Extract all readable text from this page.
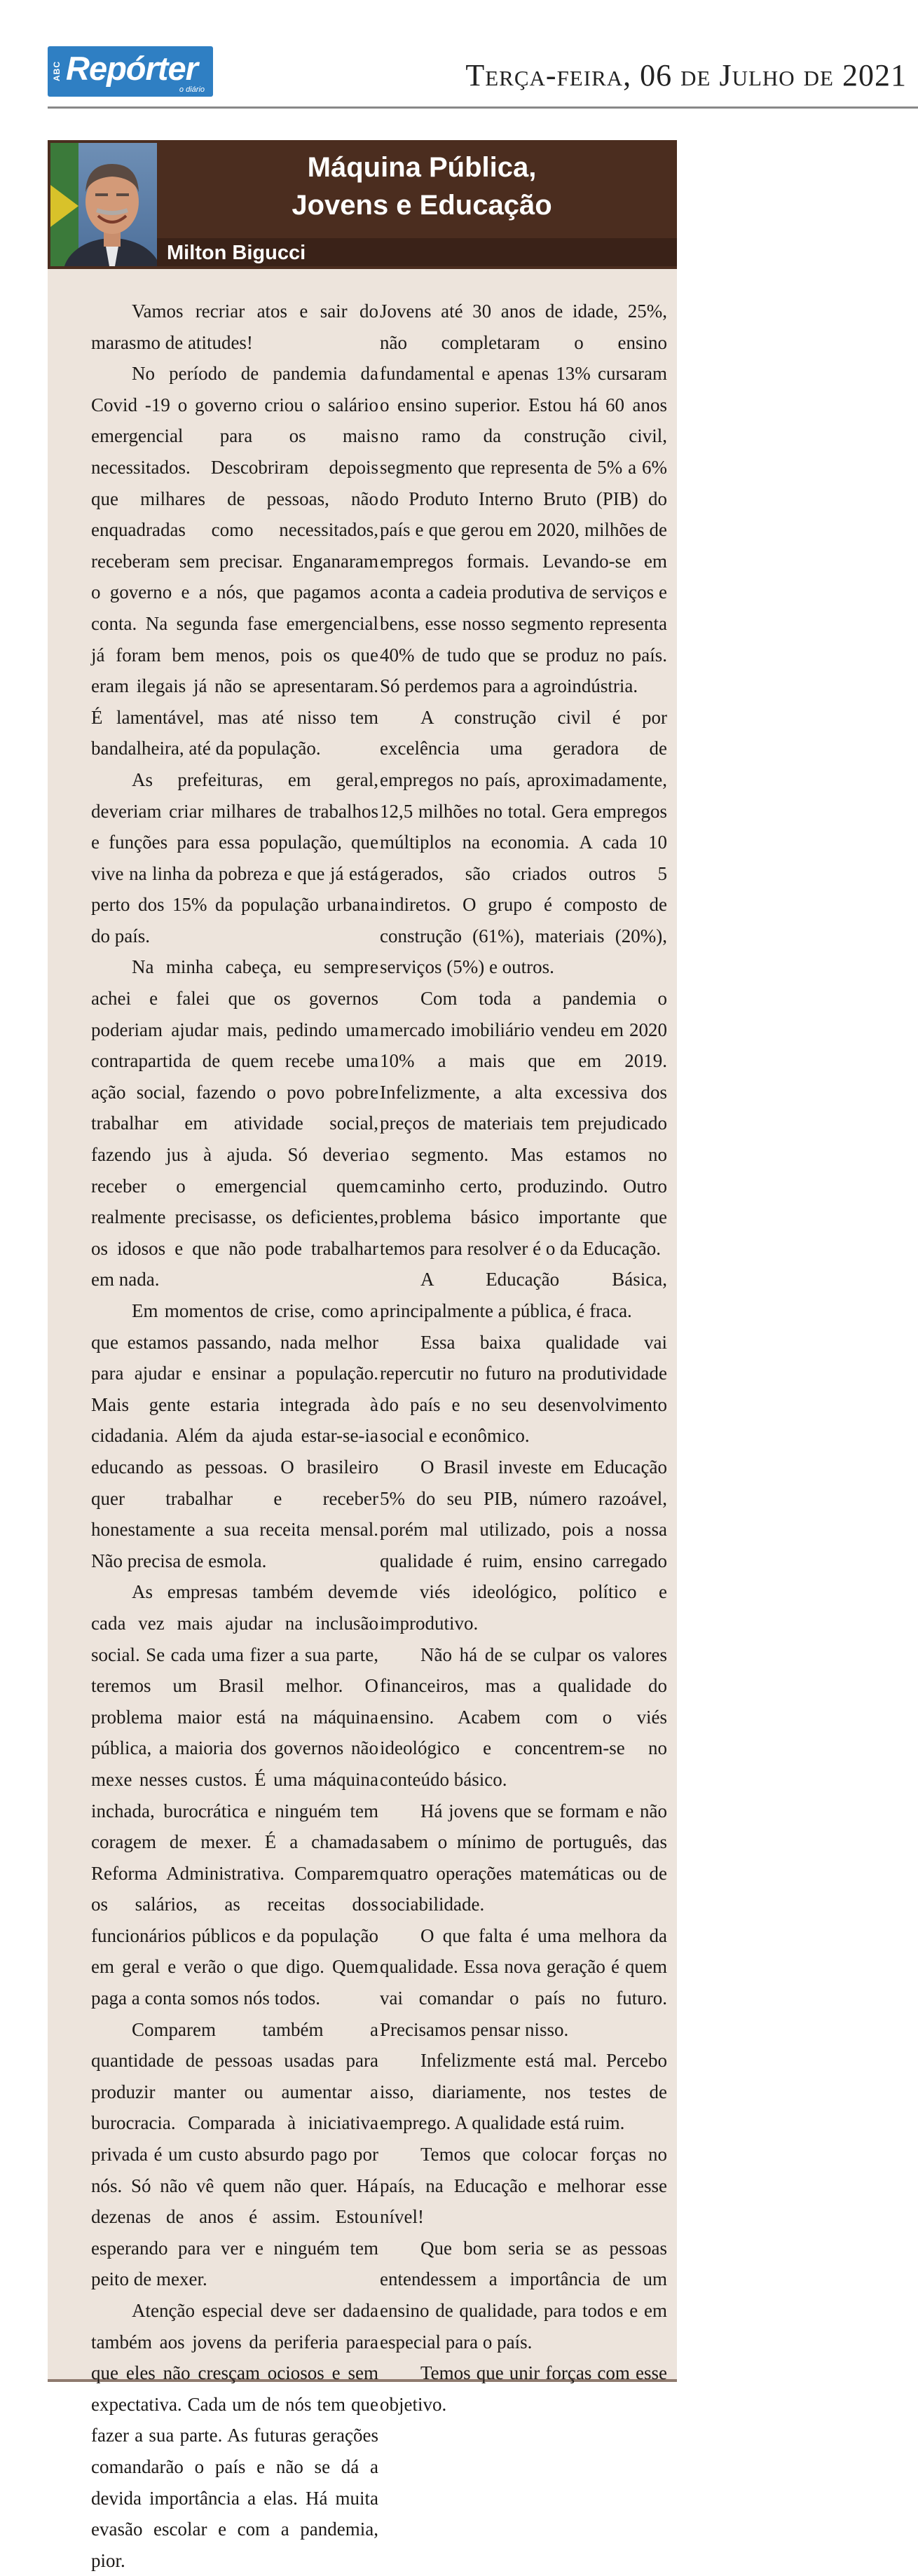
ABC Repórter
o diário	Terça-feira, 06 de Julho de 2021
Máquina Pública,
Jovens e Educação
Milton Bigucci

Vamos recriar atos e sair do marasmo de atitudes!

No período de pandemia da Covid -19 o governo criou o salário emergencial para os mais necessitados. Descobriram depois que milhares de pessoas, não enquadradas como necessitados, receberam sem precisar. Enganaram o governo e a nós, que pagamos a conta. Na segunda fase emergencial já foram bem menos, pois os que eram ilegais já não se apresentaram. É lamentável, mas até nisso tem bandalheira, até da população.

As prefeituras, em geral, deveriam criar milhares de trabalhos e funções para essa população, que vive na linha da pobreza e que já está perto dos 15% da população urbana do país.

Na minha cabeça, eu sempre achei e falei que os governos poderiam ajudar mais, pedindo uma contrapartida de quem recebe uma ação social, fazendo o povo pobre trabalhar em atividade social, fazendo jus à ajuda. Só deveria receber o emergencial quem realmente precisasse, os deficientes, os idosos e que não pode trabalhar em nada.

Em momentos de crise, como a que estamos passando, nada melhor para ajudar e ensinar a população. Mais gente estaria integrada à cidadania. Além da ajuda estar-se-ia educando as pessoas. O brasileiro quer trabalhar e receber honestamente a sua receita mensal. Não precisa de esmola.

As empresas também devem cada vez mais ajudar na inclusão social. Se cada uma fizer a sua parte, teremos um Brasil melhor. O problema maior está na máquina pública, a maioria dos governos não mexe nesses custos. É uma máquina inchada, burocrática e ninguém tem coragem de mexer. É a chamada Reforma Administrativa. Comparem os salários, as receitas dos funcionários públicos e da população em geral e verão o que digo. Quem paga a conta somos nós todos.

Comparem também a quantidade de pessoas usadas para produzir manter ou aumentar a burocracia. Comparada à iniciativa privada é um custo absurdo pago por nós. Só não vê quem não quer. Há dezenas de anos é assim. Estou esperando para ver e ninguém tem peito de mexer.

Atenção especial deve ser dada também aos jovens da periferia para que eles não cresçam ociosos e sem expectativa. Cada um de nós tem que fazer a sua parte. As futuras gerações comandarão o país e não se dá a devida importância a elas. Há muita evasão escolar e com a pandemia, pior.

Jovens até 30 anos de idade, 25%, não completaram o ensino fundamental e apenas 13% cursaram o ensino superior. Estou há 60 anos no ramo da construção civil, segmento que representa de 5% a 6% do Produto Interno Bruto (PIB) do país e que gerou em 2020, milhões de empregos formais. Levando-se em conta a cadeia produtiva de serviços e bens, esse nosso segmento representa 40% de tudo que se produz no país. Só perdemos para a agroindústria.

A construção civil é por excelência uma geradora de empregos no país, aproximadamente, 12,5 milhões no total. Gera empregos múltiplos na economia. A cada 10 gerados, são criados outros 5 indiretos. O grupo é composto de construção (61%), materiais (20%), serviços (5%) e outros.

Com toda a pandemia o mercado imobiliário vendeu em 2020 10% a mais que em 2019. Infelizmente, a alta excessiva dos preços de materiais tem prejudicado o segmento. Mas estamos no caminho certo, produzindo. Outro problema básico importante que temos para resolver é o da Educação.

A Educação Básica, principalmente a pública, é fraca.

Essa baixa qualidade vai repercutir no futuro na produtividade do país e no seu desenvolvimento social e econômico.

O Brasil investe em Educação 5% do seu PIB, número razoável, porém mal utilizado, pois a nossa qualidade é ruim, ensino carregado de viés ideológico, político e improdutivo.

Não há de se culpar os valores financeiros, mas a qualidade do ensino. Acabem com o viés ideológico e concentrem-se no conteúdo básico.

Há jovens que se formam e não sabem o mínimo de português, das quatro operações matemáticas ou de sociabilidade.

O que falta é uma melhora da qualidade. Essa nova geração é quem vai comandar o país no futuro. Precisamos pensar nisso.

Infelizmente está mal. Percebo isso, diariamente, nos testes de emprego. A qualidade está ruim.

Temos que colocar forças no país, na Educação e melhorar esse nível!

Que bom seria se as pessoas entendessem a importância de um ensino de qualidade, para todos e em especial para o país.

Temos que unir forças com esse objetivo.
